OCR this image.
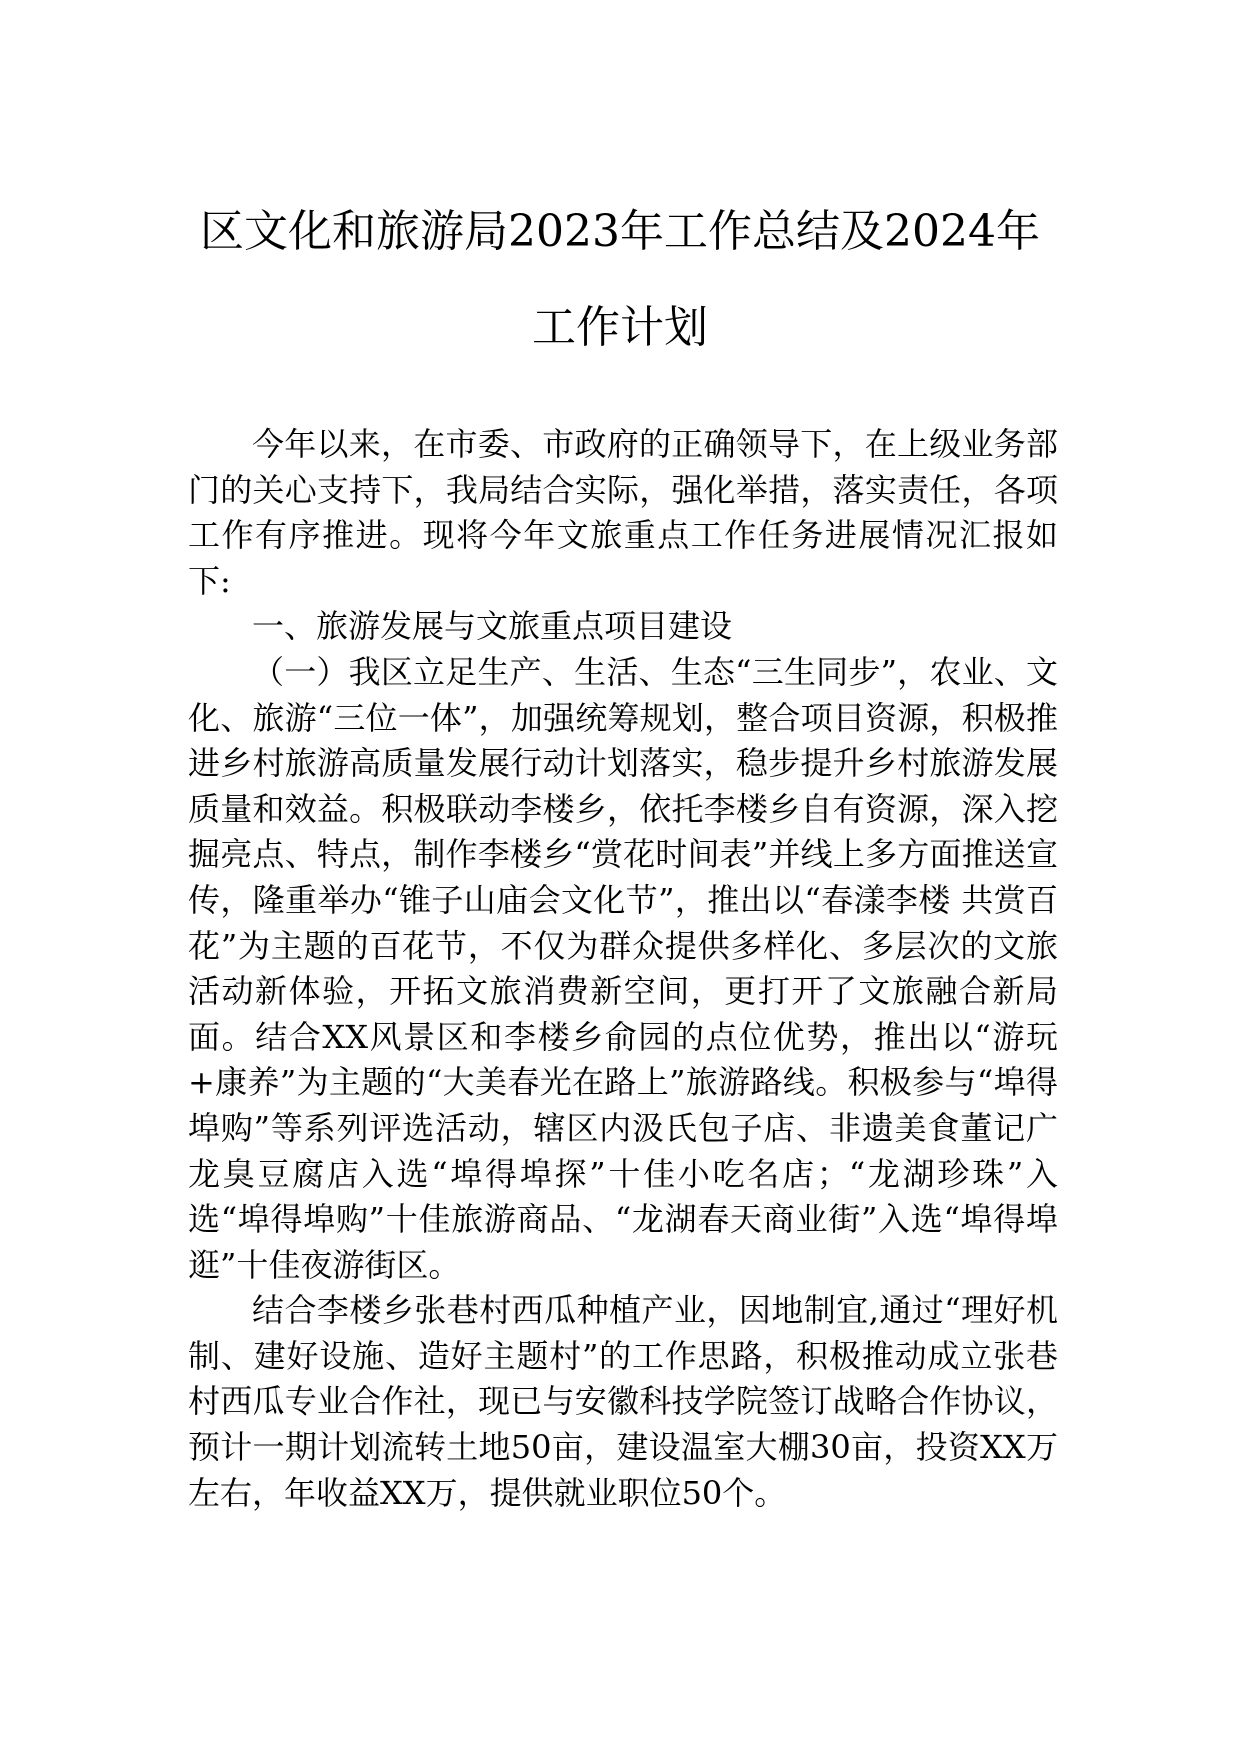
区文化和旅游局2023年工作总结及2024年
工作计划

今年以来，在市委、市政府的正确领导下，在上级业务部门的关心支持下，我局结合实际，强化举措，落实责任，各项工作有序推进。现将今年文旅重点工作任务进展情况汇报如下:

一、旅游发展与文旅重点项目建设

（一）我区立足生产、生活、生态“三生同步”，农业、文化、旅游“三位一体”，加强统筹规划，整合项目资源，积极推进乡村旅游高质量发展行动计划落实，稳步提升乡村旅游发展质量和效益。积极联动李楼乡，依托李楼乡自有资源，深入挖掘亮点、特点，制作李楼乡“赏花时间表”并线上多方面推送宣传，隆重举办“锥子山庙会文化节”，推出以“春漾李楼 共赏百花”为主题的百花节，不仅为群众提供多样化、多层次的文旅活动新体验，开拓文旅消费新空间，更打开了文旅融合新局面。结合XX风景区和李楼乡俞园的点位优势，推出以“游玩+康养”为主题的“大美春光在路上”旅游路线。积极参与“埠得埠购”等系列评选活动，辖区内汲氏包子店、非遗美食董记广龙臭豆腐店入选“埠得埠探”十佳小吃名店；“龙湖珍珠”入选“埠得埠购”十佳旅游商品、“龙湖春天商业街”入选“埠得埠逛”十佳夜游街区。

结合李楼乡张巷村西瓜种植产业，因地制宜,通过“理好机制、建好设施、造好主题村”的工作思路，积极推动成立张巷村西瓜专业合作社，现已与安徽科技学院签订战略合作协议，预计一期计划流转土地50亩，建设温室大棚30亩，投资XX万左右，年收益XX万，提供就业职位50个。
